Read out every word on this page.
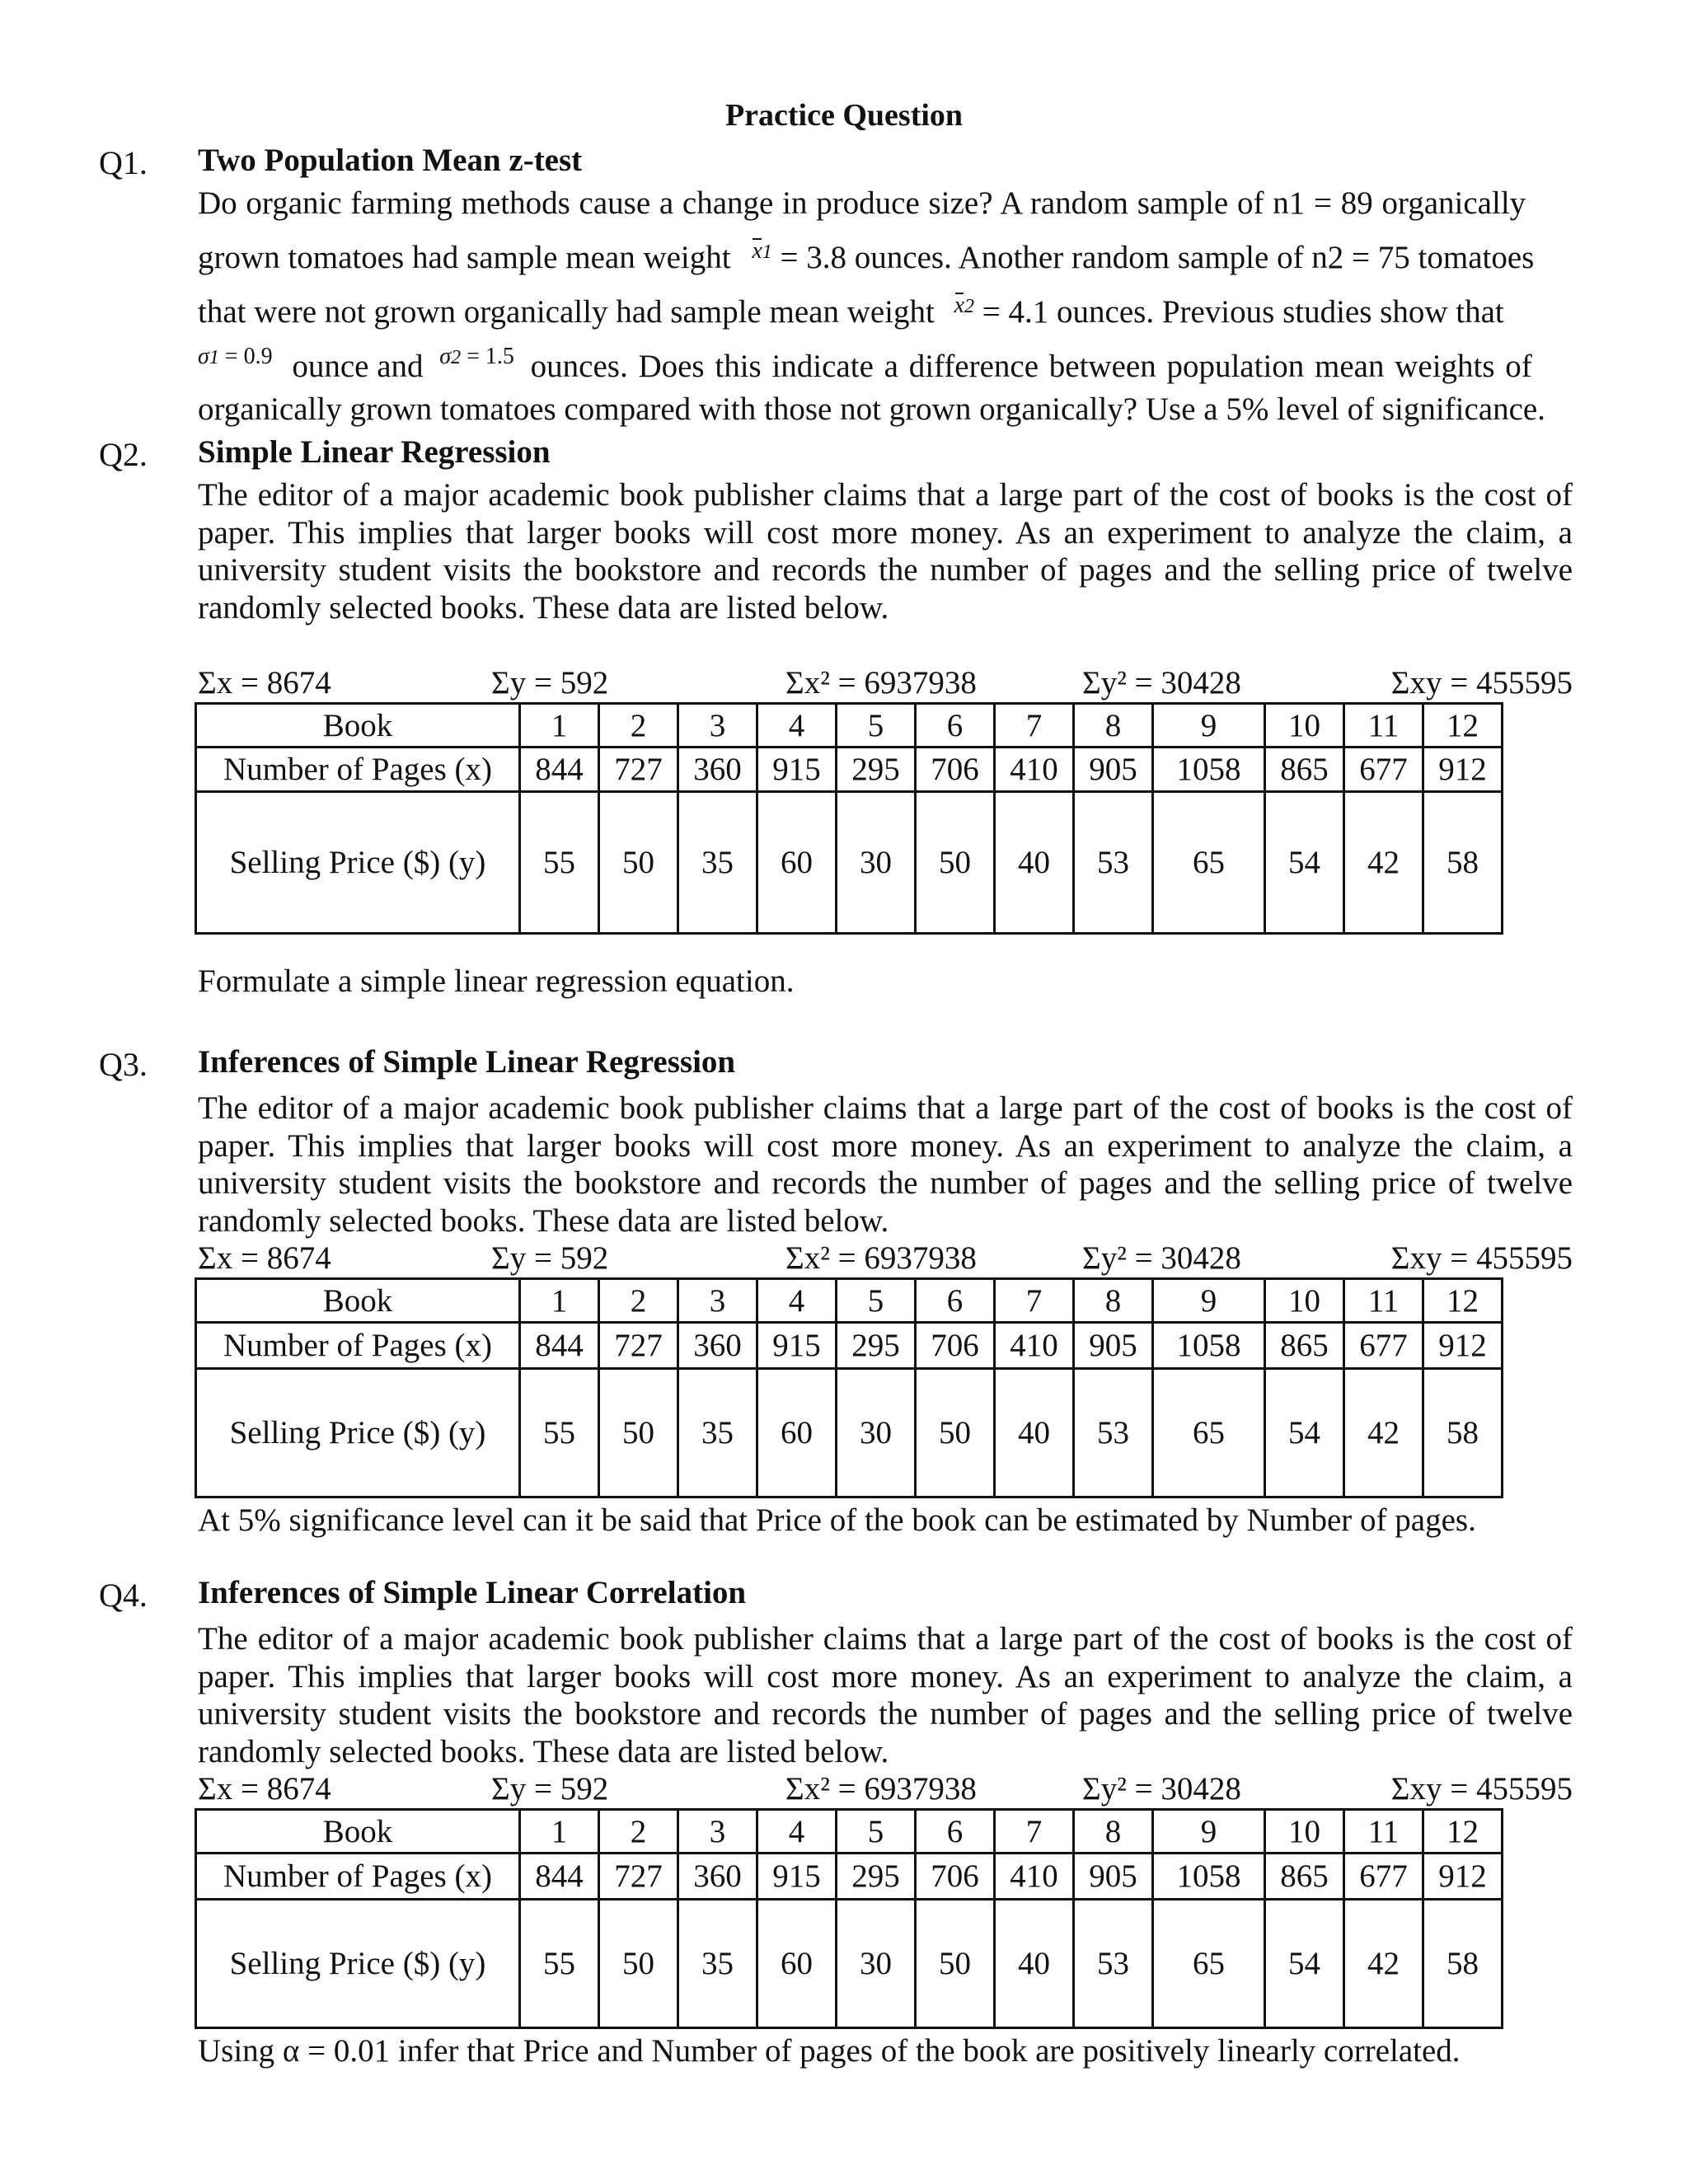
Practice Question
Q1. Two Population Mean z-test
Do organic farming methods cause a change in produce size? A random sample of n1 = 89 organically
grown tomatoes had sample mean weight $^{x1}$ = 3.8 ounces. Another random sample of n2 = 75 tomatoes
that were not grown organically had sample mean weight $^{x2}$ = 4.1 ounces. Previous studies show that
$^{\sigma 1 = 0.9}$ ounce and $^{\sigma 2 = 1.5}$ ounces. Does this indicate a difference between population mean weights of
organically grown tomatoes compared with those not grown organically? Use a 5% level of significance.
Q2. Simple Linear Regression

The editor of a major academic book publisher claims that a large part of the cost of books is the cost of paper. This implies that larger books will cost more money. As an experiment to analyze the claim, a university student visits the bookstore and records the number of pages and the selling price of twelve randomly selected books. These data are listed below.

Σx = 8674	Σy = 592	Σx² = 6937938	Σy² = 30428	Σxy = 455595
Book	1	2	3	4	5	6	7	8	9	10	11	12
Number of Pages (x)	844	727	360	915	295	706	410	905	1058	865	677	912
Selling Price ($) (y)	55	50	35	60	30	50	40	53	65	54	42	58
Formulate a simple linear regression equation.
Q3. Inferences of Simple Linear Regression

The editor of a major academic book publisher claims that a large part of the cost of books is the cost of paper. This implies that larger books will cost more money. As an experiment to analyze the claim, a university student visits the bookstore and records the number of pages and the selling price of twelve randomly selected books. These data are listed below.

Σx = 8674	Σy = 592	Σx² = 6937938	Σy² = 30428	Σxy = 455595
Book	1	2	3	4	5	6	7	8	9	10	11	12
Number of Pages (x)	844	727	360	915	295	706	410	905	1058	865	677	912
Selling Price ($) (y)	55	50	35	60	30	50	40	53	65	54	42	58
At 5% significance level can it be said that Price of the book can be estimated by Number of pages.
Q4. Inferences of Simple Linear Correlation

The editor of a major academic book publisher claims that a large part of the cost of books is the cost of paper. This implies that larger books will cost more money. As an experiment to analyze the claim, a university student visits the bookstore and records the number of pages and the selling price of twelve randomly selected books. These data are listed below.

Σx = 8674	Σy = 592	Σx² = 6937938	Σy² = 30428	Σxy = 455595
Book	1	2	3	4	5	6	7	8	9	10	11	12
Number of Pages (x)	844	727	360	915	295	706	410	905	1058	865	677	912
Selling Price ($) (y)	55	50	35	60	30	50	40	53	65	54	42	58
Using α = 0.01 infer that Price and Number of pages of the book are positively linearly correlated.
